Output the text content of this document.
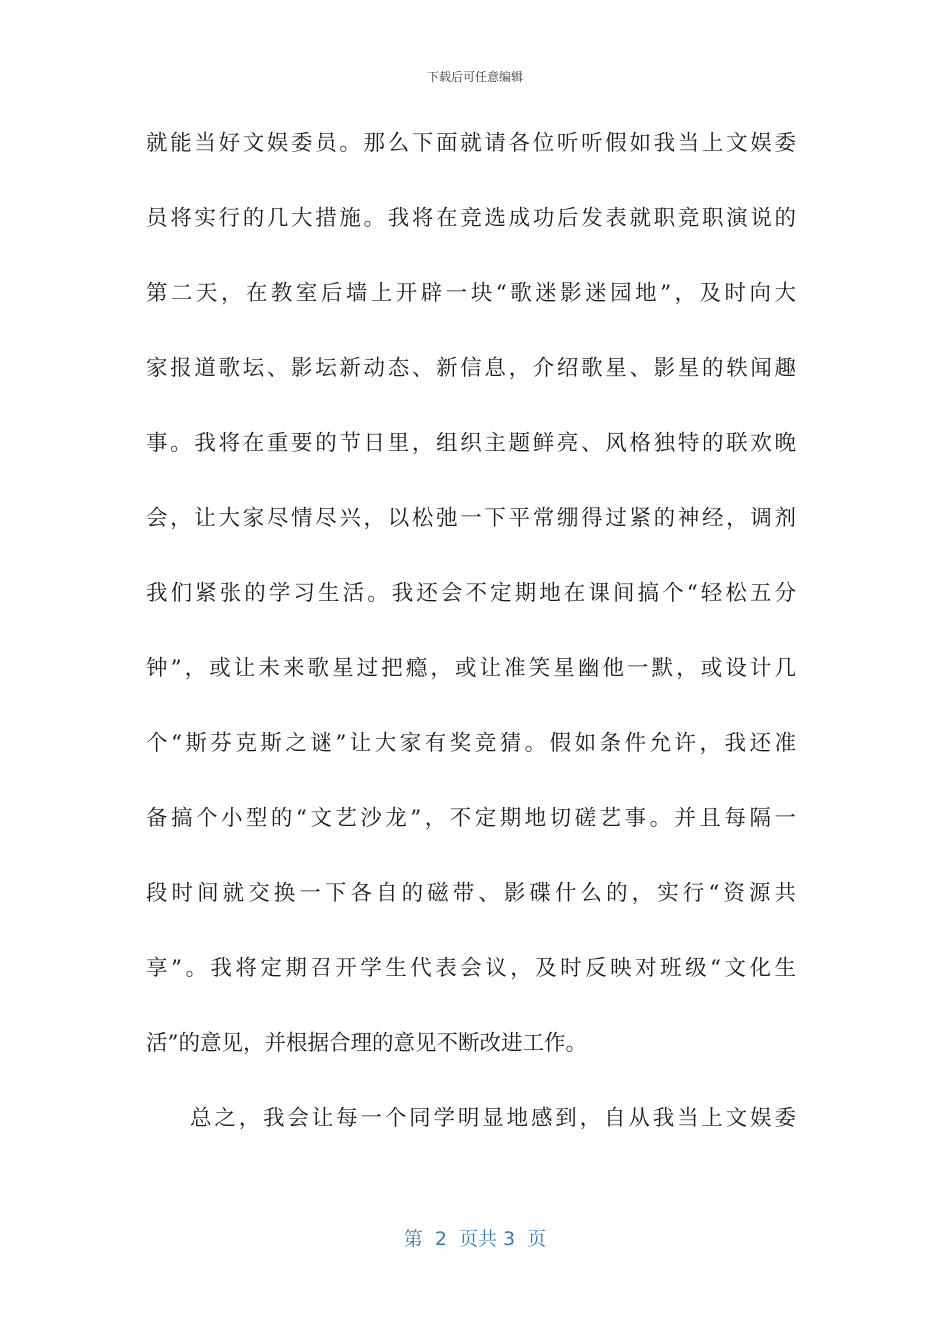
下载后可任意编辑
就能当好文娱委员。那么下面就请各位听听假如我当上文娱委
员将实行的几大措施。我将在竞选成功后发表就职竞职演说的
第二天，在教室后墙上开辟一块“歌迷影迷园地”，及时向大
家报道歌坛、影坛新动态、新信息，介绍歌星、影星的轶闻趣
事。我将在重要的节日里，组织主题鲜亮、风格独特的联欢晚
会，让大家尽情尽兴，以松弛一下平常绷得过紧的神经，调剂
我们紧张的学习生活。我还会不定期地在课间搞个“轻松五分
钟”，或让未来歌星过把瘾，或让准笑星幽他一默，或设计几
个“斯芬克斯之谜”让大家有奖竞猜。假如条件允许，我还准
备搞个小型的“文艺沙龙”，不定期地切磋艺事。并且每隔一
段时间就交换一下各自的磁带、影碟什么的，实行“资源共
享”。我将定期召开学生代表会议，及时反映对班级“文化生
活”的意见，并根据合理的意见不断改进工作。
总之，我会让每一个同学明显地感到，自从我当上文娱委
第  2  页共 3  页
